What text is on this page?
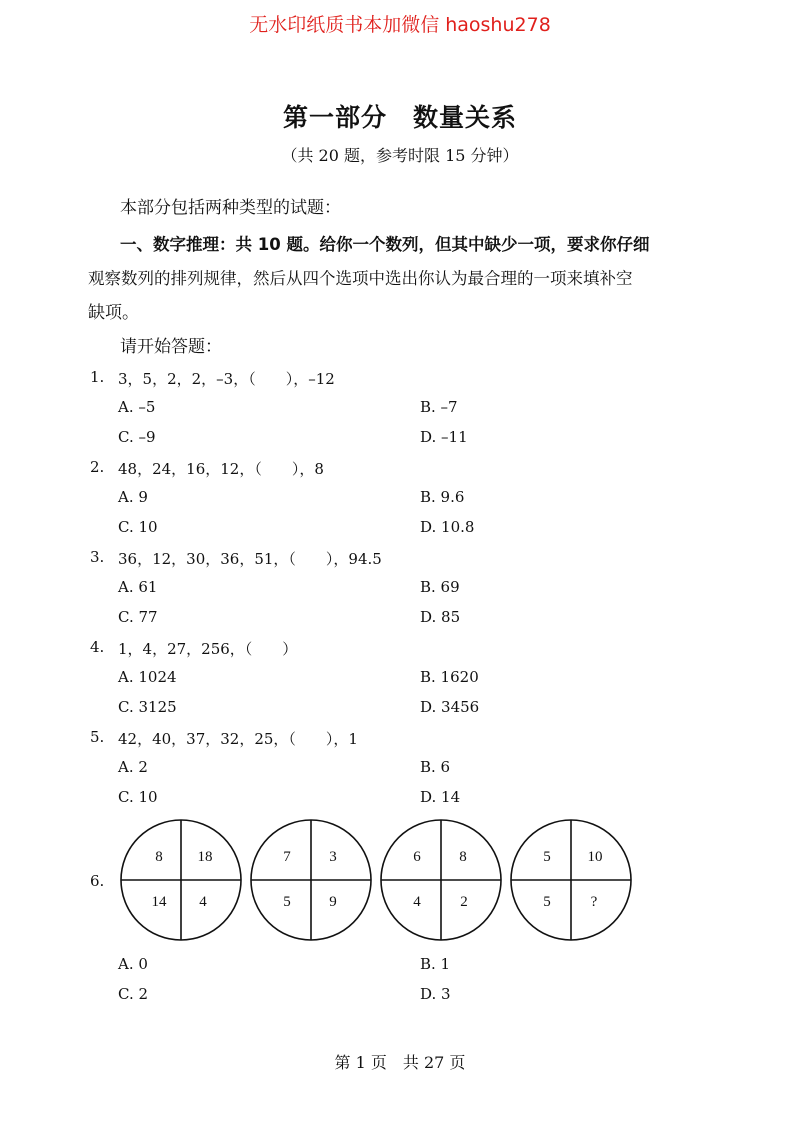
无水印纸质书本加微信 haoshu278
第一部分　数量关系
（共 20 题，参考时限 15 分钟）
本部分包括两种类型的试题：
一、数字推理：共 10 题。给你一个数列，但其中缺少一项，要求你仔细
观察数列的排列规律，然后从四个选项中选出你认为最合理的一项来填补空
缺项。
请开始答题：
1. 3，5，2，2，–3，（　　），–12
A. –5	B. –7
C. –9	D. –11
2. 48，24，16，12，（　　），8
A. 9	B. 9.6
C. 10	D. 10.8
3. 36，12，30，36，51，（　　），94.5
A. 61	B. 69
C. 77	D. 85
4. 1，4，27，256，（　　）
A. 1024	B. 1620
C. 3125	D. 3456
5. 42，40，37，32，25，（　　），1
A. 2	B. 6
C. 10	D. 14
6.
8 18
14 4
7	3
5	9
6	8
4	2
5 10
5	?
A. 0	B. 1
C. 2	D. 3
第 1 页　共 27 页
